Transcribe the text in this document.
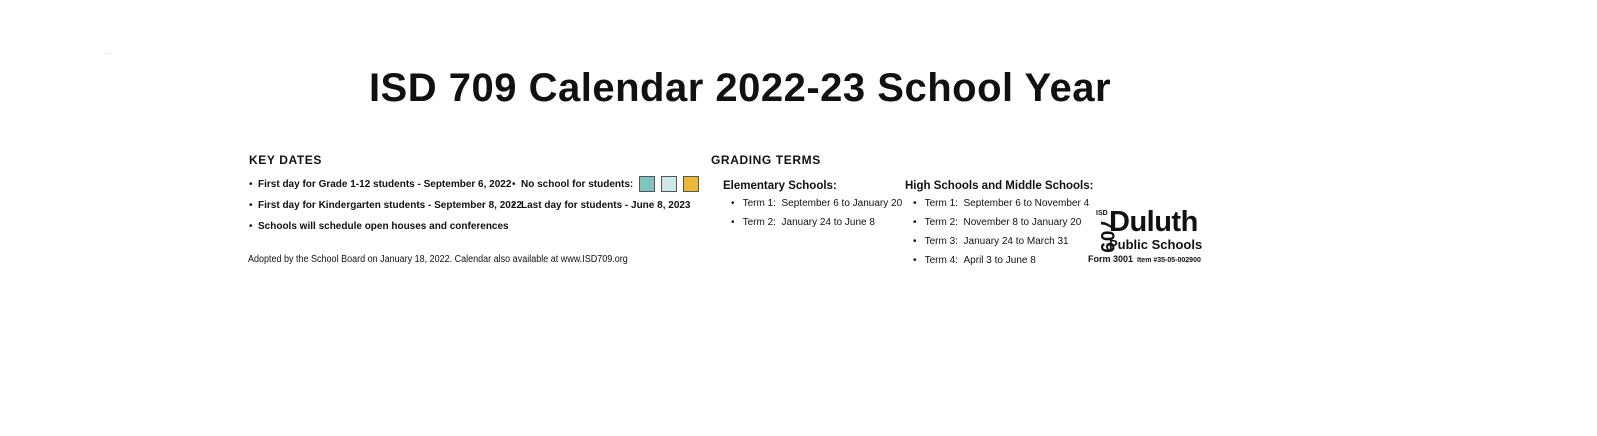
— —
ISD 709 Calendar 2022-23 School Year
KEY DATES
• First day for Grade 1-12 students - September 6, 2022
• First day for Kindergarten students - September 8, 2022
• Schools will schedule open houses and conferences
• No school for students:
• Last day for students - June 8, 2023
Adopted by the School Board on January 18, 2022. Calendar also available at www.ISD709.org
GRADING TERMS
Elementary Schools:
• Term 1: September 6 to January 20
• Term 2: January 24 to June 8
High Schools and Middle Schools:
• Term 1: September 6 to November 4
• Term 2: November 8 to January 20
• Term 3: January 24 to March 31
• Term 4: April 3 to June 8
ISD
709
Duluth
Public Schools
Form 3001 Item #35-05-002900
